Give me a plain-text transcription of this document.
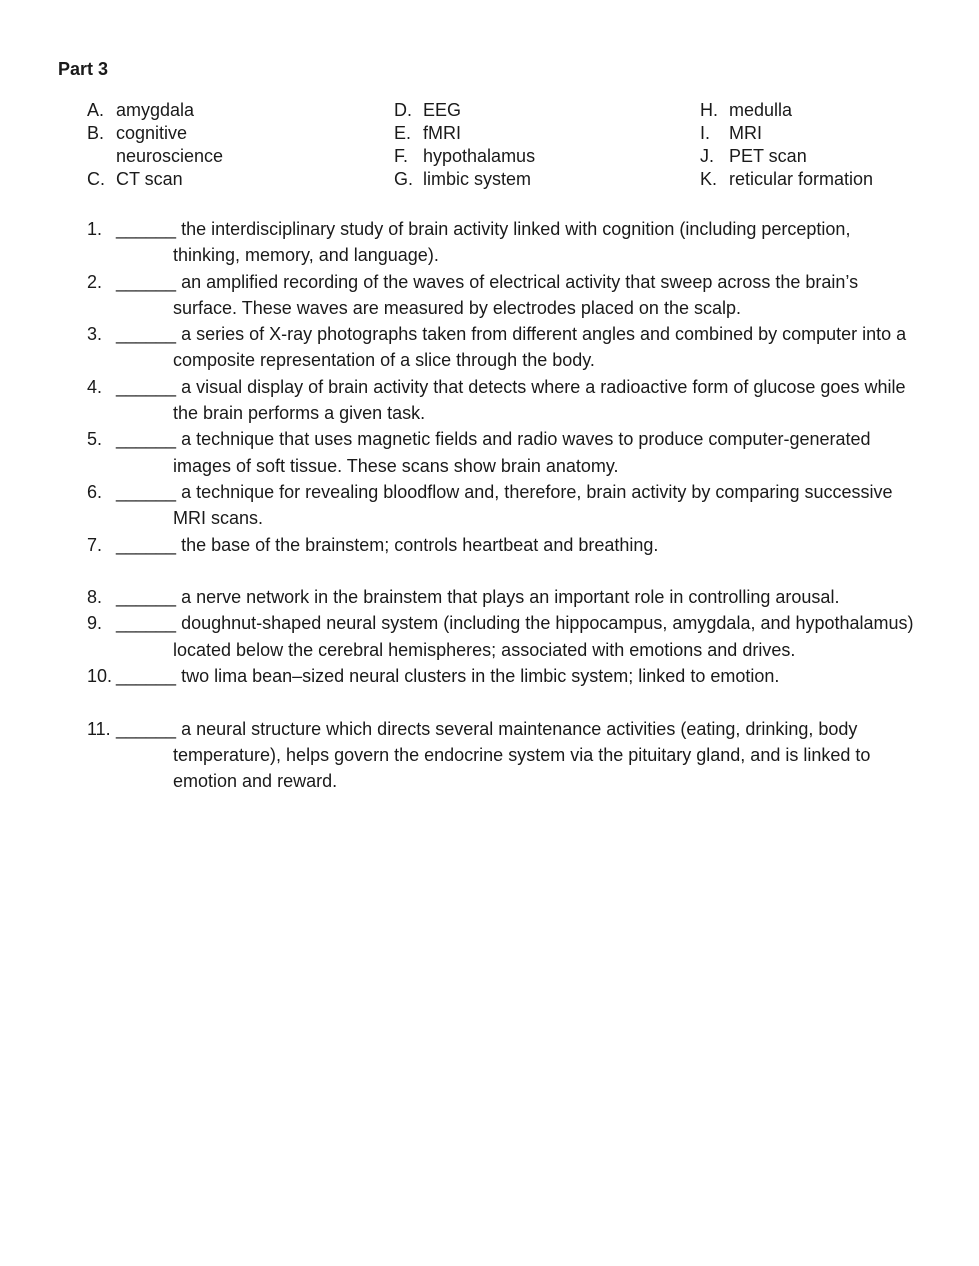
Part 3
A. amygdala
B. cognitive neuroscience
C. CT scan
D. EEG
E. fMRI
F. hypothalamus
G. limbic system
H. medulla
I.	MRI
J. PET scan
K. reticular formation

1. ______ the interdisciplinary study of brain activity linked with cognition (including perception, thinking, memory, and language).

2. ______ an amplified recording of the waves of electrical activity that sweep across the brain’s surface. These waves are measured by electrodes placed on the scalp.

3. ______ a series of X-ray photographs taken from different angles and combined by computer into a composite representation of a slice through the body.

4. ______ a visual display of brain activity that detects where a radioactive form of glucose goes while the brain performs a given task.

5. ______ a technique that uses magnetic fields and radio waves to produce computer-generated images of soft tissue. These scans show brain anatomy.

6. ______ a technique for revealing bloodflow and, therefore, brain activity by comparing successive MRI scans.

7. ______ the base of the brainstem; controls heartbeat and breathing.

8. ______ a nerve network in the brainstem that plays an important role in controlling arousal.

9. ______ doughnut-shaped neural system (including the hippocampus, amygdala, and hypothalamus) located below the cerebral hemispheres; associated with emotions and drives.

10. ______ two lima bean–sized neural clusters in the limbic system; linked to emotion.

11. ______ a neural structure which directs several maintenance activities (eating, drinking, body temperature), helps govern the endocrine system via the pituitary gland, and is linked to emotion and reward.
